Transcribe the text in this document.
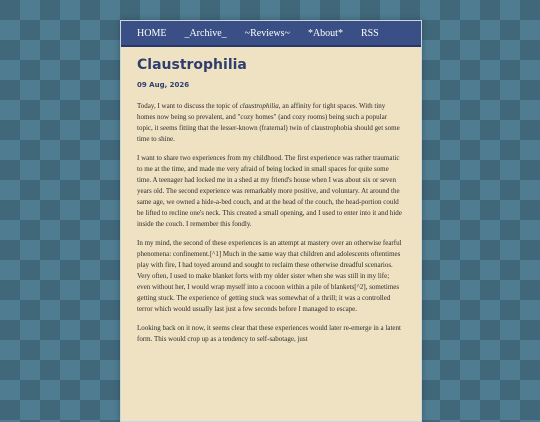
HOME _Archive_ ~Reviews~ *About* RSS
Claustrophilia
09 Aug, 2026

Today, I want to discuss the topic of claustrophilia, an affinity for tight spaces. With tiny homes now being so prevalent, and "cozy homes" (and cozy rooms) being such a popular topic, it seems fitting that the lesser-known (fraternal) twin of claustrophobia should get some time to shine.

I want to share two experiences from my childhood. The first experience was rather traumatic to me at the time, and made me very afraid of being locked in small spaces for quite some time. A teenager had locked me in a shed at my friend's house when I was about six or seven years old. The second experience was remarkably more positive, and voluntary. At around the same age, we owned a hide-a-bed couch, and at the head of the couch, the head-portion could be lifted to recline one's neck. This created a small opening, and I used to enter into it and hide inside the couch. I remember this fondly.

In my mind, the second of these experiences is an attempt at mastery over an otherwise fearful phenomena: confinement.[^1] Much in the same way that children and adolescents oftentimes play with fire, I had toyed around and sought to reclaim these otherwise dreadful scenarios. Very often, I used to make blanket forts with my older sister when she was still in my life; even without her, I would wrap myself into a cocoon within a pile of blankets[^2], sometimes getting stuck. The experience of getting stuck was somewhat of a thrill; it was a controlled terror which would usually last just a few seconds before I managed to escape.

Looking back on it now, it seems clear that these experiences would later re-emerge in a latent form. This would crop up as a tendency to self-sabotage, just
